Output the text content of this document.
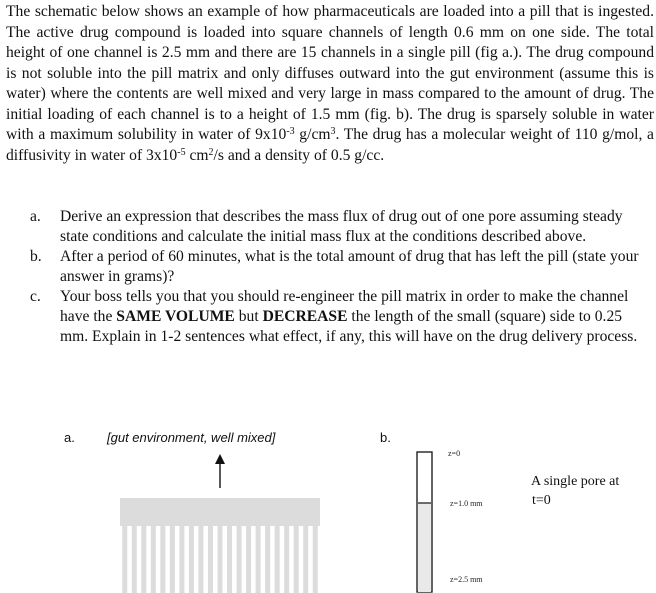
The schematic below shows an example of how pharmaceuticals are loaded into a pill that is ingested. The active drug compound is loaded into square channels of length 0.6 mm on one side. The total height of one channel is 2.5 mm and there are 15 channels in a single pill (fig a.). The drug compound is not soluble into the pill matrix and only diffuses outward into the gut environment (assume this is water) where the contents are well mixed and very large in mass compared to the amount of drug. The initial loading of each channel is to a height of 1.5 mm (fig. b). The drug is sparsely soluble in water with a maximum solubility in water of $9x10^{-3}$ $g/cm^3$. The drug has a molecular weight of 110 g/mol, a diffusivity in water of $3x10^{-5}$ $cm^2/s$ and a density of 0.5 g/cc.

a. Derive an expression that describes the mass flux of drug out of one pore assuming steady state conditions and calculate the initial mass flux at the conditions described above.
b. After a period of 60 minutes, what is the total amount of drug that has left the pill (state your answer in grams)?
c. Your boss tells you that you should re-engineer the pill matrix in order to make the channel have the SAME VOLUME but DECREASE the length of the small (square) side to 0.25 mm. Explain in 1-2 sentences what effect, if any, this will have on the drug delivery process.
a. [gut environment, well mixed]	b.
z=0
z=1.0 mm
z=2.5 mm
A single pore at
t=0
